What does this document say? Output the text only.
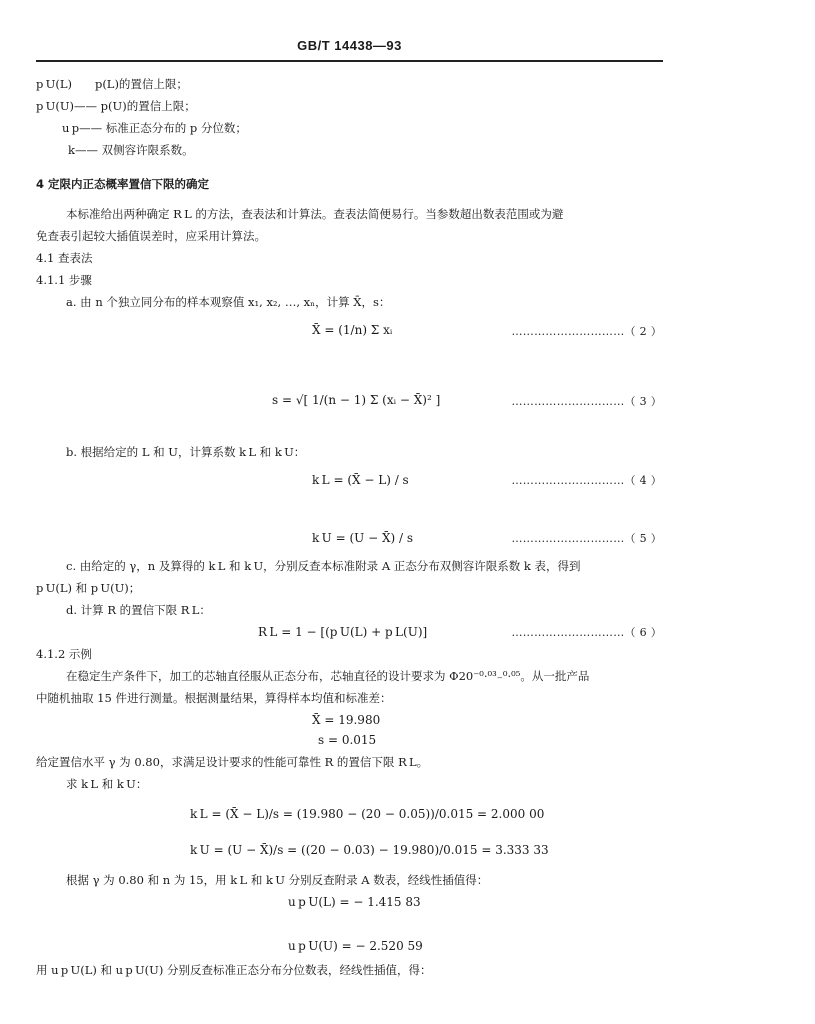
GB/T 14438—93
p U(L)  p(L)的置信上限；
p U(U)—— p(U)的置信上限；
u p—— 标准正态分布的 p 分位数；
k—— 双侧容许限系数。
4 定限内正态概率置信下限的确定
本标准给出两种确定 R L 的方法，查表法和计算法。查表法简便易行。当参数超出数表范围或为避
免查表引起较大插值误差时，应采用计算法。
4.1 查表法
4.1.1 步骤
a. 由 n 个独立同分布的样本观察值 x₁, x₂, …, xₙ，计算 X̄，s：
X̄ = (1/n) Σ xᵢ	…………………………（ 2 ）
s = √[ 1/(n − 1) Σ (xᵢ − X̄)² ]	…………………………（ 3 ）
b. 根据给定的 L 和 U，计算系数 k L 和 k U：
k L = (X̄ − L) / s	…………………………（ 4 ）
k U = (U − X̄) / s	…………………………（ 5 ）
c. 由给定的 γ，n 及算得的 k L 和 k U，分别反查本标准附录 A 正态分布双侧容许限系数 k 表，得到
p U(L) 和 p U(U)；
d. 计算 R 的置信下限 R L：
R L = 1 − [(p U(L) + p L(U)]	…………………………（ 6 ）
4.1.2 示例
在稳定生产条件下，加工的芯轴直径服从正态分布，芯轴直径的设计要求为 Φ20⁻⁰·⁰³₋⁰·⁰⁵。从一批产品
中随机抽取 15 件进行测量。根据测量结果，算得样本均值和标准差：
X̄ = 19.980
s = 0.015
给定置信水平 γ 为 0.80，求满足设计要求的性能可靠性 R 的置信下限 R L。
求 k L 和 k U：
k L = (X̄ − L)/s = (19.980 − (20 − 0.05))/0.015 = 2.000 00
k U = (U − X̄)/s = ((20 − 0.03) − 19.980)/0.015 = 3.333 33
根据 γ 为 0.80 和 n 为 15，用 k L 和 k U 分别反查附录 A 数表，经线性插值得：
u p U(L) = − 1.415 83
u p U(U) = − 2.520 59
用 u p U(L) 和 u p U(U) 分别反查标准正态分布分位数表，经线性插值，得：
